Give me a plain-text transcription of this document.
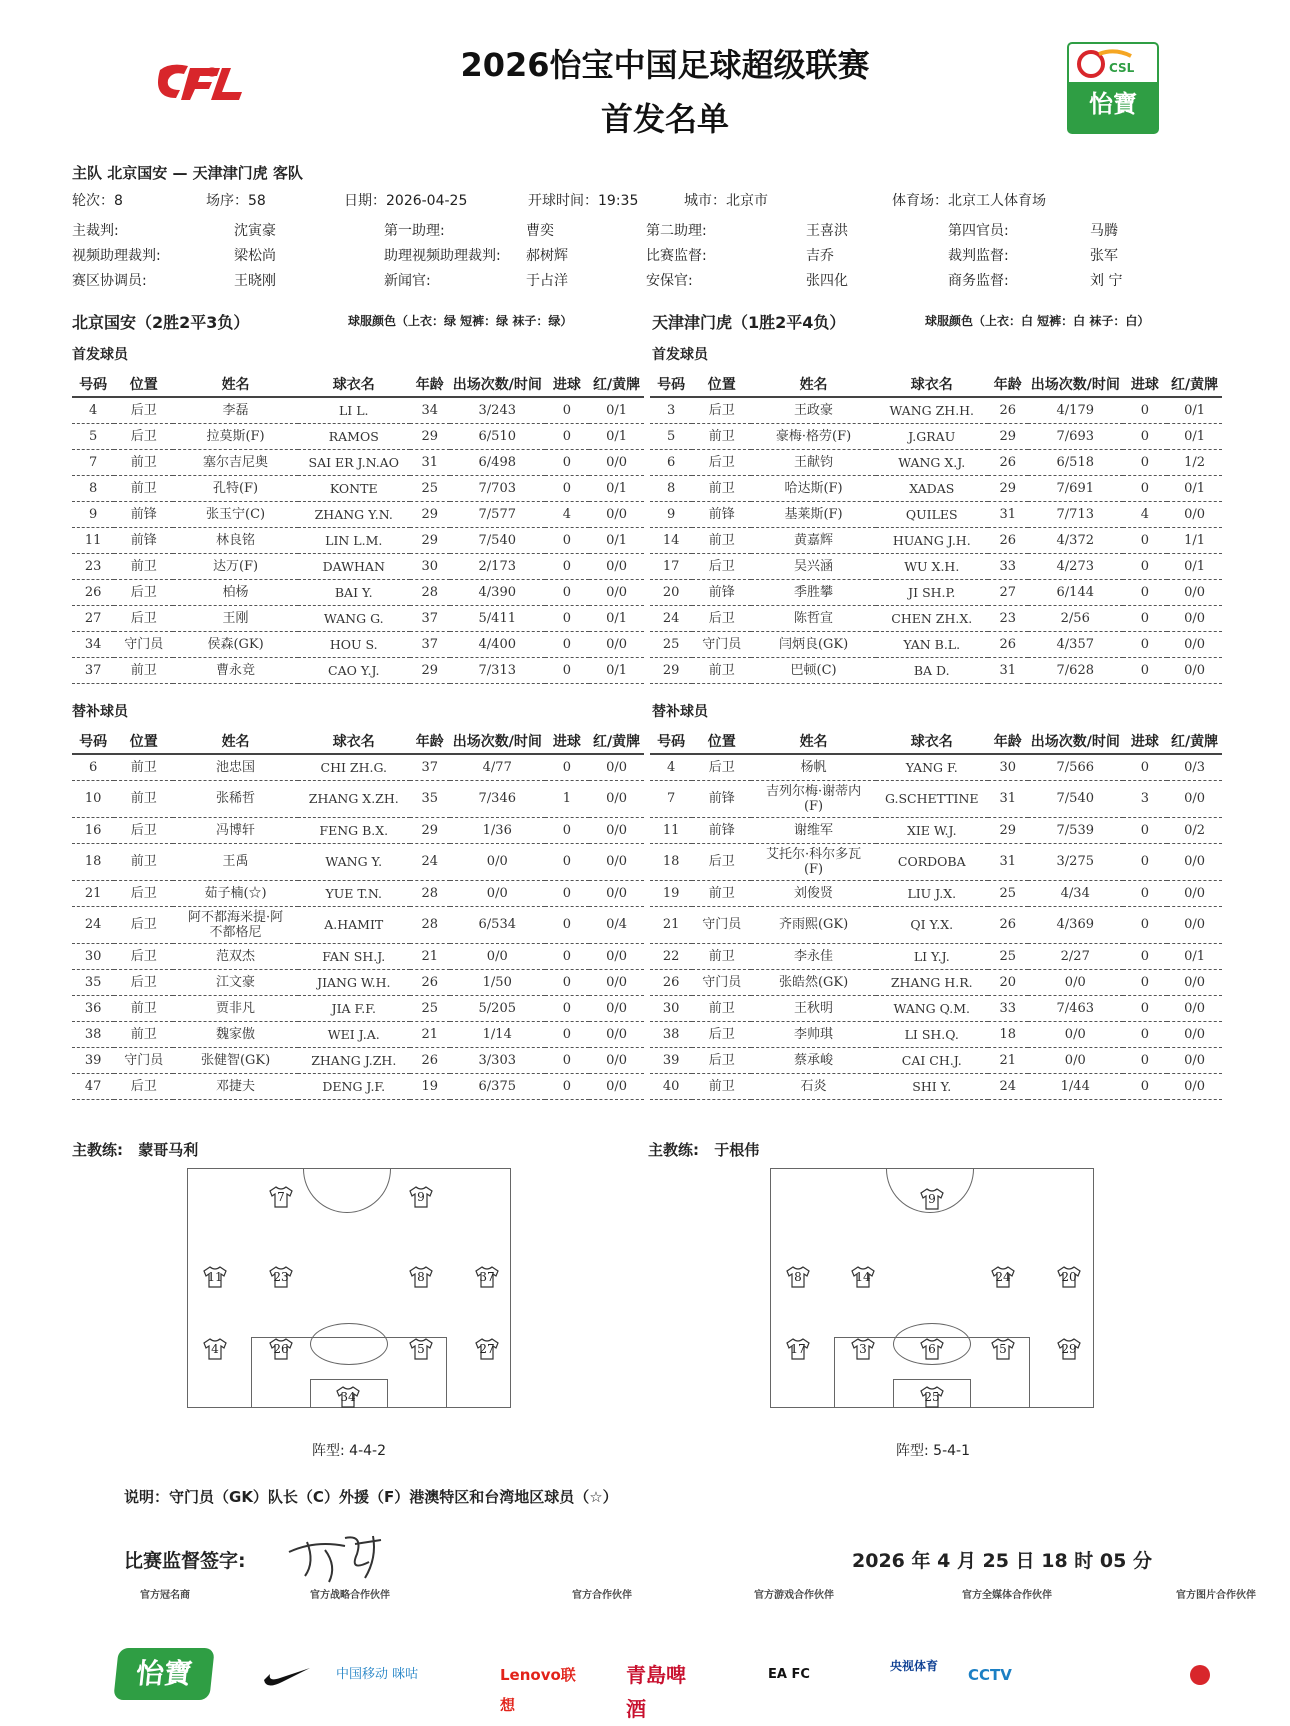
2026怡宝中国足球超级联赛
首发名单
CSL
怡寶
主队 北京国安 — 天津津门虎 客队
轮次：8	场序：58	日期：2026-04-25	开球时间：19:35	城市：北京市	体育场：北京工人体育场
主裁判:	沈寅豪	第一助理:	曹奕	第二助理:	王喜洪	第四官员:	马腾
视频助理裁判:	梁松尚	助理视频助理裁判: 郝树辉	比赛监督:	吉乔	裁判监督:	张军
赛区协调员:	王晓刚	新闻官:	于占洋	安保官:	张四化	商务监督:	刘 宁
北京国安（2胜2平3负）	球服颜色（上衣：绿 短裤：绿 袜子：绿）
首发球员
天津津门虎（1胜2平4负）	球服颜色（上衣：白 短裤：白 袜子：白）
首发球员
号码	位置	姓名	球衣名	年龄	出场次数/时间	进球	红/黄牌
4	后卫	李磊	LI L.	34	3/243	0	0/1
5	后卫	拉莫斯(F)	RAMOS	29	6/510	0	0/1
7	前卫	塞尔吉尼奥	SAI ER J.N.AO	31	6/498	0	0/0
8	前卫	孔特(F)	KONTE	25	7/703	0	0/1
9	前锋	张玉宁(C)	ZHANG Y.N.	29	7/577	4	0/0
11	前锋	林良铭	LIN L.M.	29	7/540	0	0/1
23	前卫	达万(F)	DAWHAN	30	2/173	0	0/0
26	后卫	柏杨	BAI Y.	28	4/390	0	0/0
27	后卫	王刚	WANG G.	37	5/411	0	0/1
34	守门员	侯森(GK)	HOU S.	37	4/400	0	0/0
37	前卫	曹永竞	CAO Y.J.	29	7/313	0	0/1
号码	位置	姓名	球衣名	年龄	出场次数/时间	进球	红/黄牌
3	后卫	王政豪	WANG ZH.H.	26	4/179	0	0/1
5	前卫	豪梅·格劳(F)	J.GRAU	29	7/693	0	0/1
6	后卫	王献钧	WANG X.J.	26	6/518	0	1/2
8	前卫	哈达斯(F)	XADAS	29	7/691	0	0/1
9	前锋	基莱斯(F)	QUILES	31	7/713	4	0/0
14	前卫	黄嘉辉	HUANG J.H.	26	4/372	0	1/1
17	后卫	吴兴涵	WU X.H.	33	4/273	0	0/1
20	前锋	季胜攀	JI SH.P.	27	6/144	0	0/0
24	后卫	陈哲宣	CHEN ZH.X.	23	2/56	0	0/0
25	守门员	闫炳良(GK)	YAN B.L.	26	4/357	0	0/0
29	前卫	巴顿(C)	BA D.	31	7/628	0	0/0
替补球员	替补球员
号码	位置	姓名	球衣名	年龄	出场次数/时间	进球	红/黄牌
6	前卫	池忠国	CHI ZH.G.	37	4/77	0	0/0
10	前卫	张稀哲	ZHANG X.ZH.	35	7/346	1	0/0
16	后卫	冯博轩	FENG B.X.	29	1/36	0	0/0
18	前卫	王禹	WANG Y.	24	0/0	0	0/0
21	后卫	茹子楠(☆)	YUE T.N.	28	0/0	0	0/0
24	后卫	阿不都海米提·阿不都格尼	A.HAMIT	28	6/534	0	0/4
30	后卫	范双杰	FAN SH.J.	21	0/0	0	0/0
35	后卫	江文豪	JIANG W.H.	26	1/50	0	0/0
36	前卫	贾非凡	JIA F.F.	25	5/205	0	0/0
38	前卫	魏家傲	WEI J.A.	21	1/14	0	0/0
39	守门员	张健智(GK)	ZHANG J.ZH.	26	3/303	0	0/0
47	后卫	邓捷夫	DENG J.F.	19	6/375	0	0/0
号码	位置	姓名	球衣名	年龄	出场次数/时间	进球	红/黄牌
4	后卫	杨帆	YANG F.	30	7/566	0	0/3
7	前锋	吉列尔梅·谢蒂内(F)	G.SCHETTINE	31	7/540	3	0/0
11	前锋	谢维军	XIE W.J.	29	7/539	0	0/2
18	后卫	艾托尔·科尔多瓦(F)	CORDOBA	31	3/275	0	0/0
19	前卫	刘俊贤	LIU J.X.	25	4/34	0	0/0
21	守门员	齐雨熙(GK)	QI Y.X.	26	4/369	0	0/0
22	前卫	李永佳	LI Y.J.	25	2/27	0	0/1
26	守门员	张皓然(GK)	ZHANG H.R.	20	0/0	0	0/0
30	前卫	王秋明	WANG Q.M.	33	7/463	0	0/0
38	后卫	李帅琪	LI SH.Q.	18	0/0	0	0/0
39	后卫	蔡承峻	CAI CH.J.	21	0/0	0	0/0
40	前卫	石炎	SHI Y.	24	1/44	0	0/0
主教练: 蒙哥马利	主教练: 于根伟
7	9
11	23	8	37
4	26	5	27
34
9
8	14	24	20
17	3	6	5	29
25
阵型: 4-4-2	阵型: 5-4-1
说明：守门员（GK）队长（C）外援（F）港澳特区和台湾地区球员（☆）
比赛监督签字:	2026 年 4 月 25 日 18 时 05 分
官方冠名商	官方战略合作伙伴	官方合作伙伴	官方游戏合作伙伴	官方全媒体合作伙伴	官方图片合作伙伴
怡寶	中国移动 咪咕	Lenovo联想
青島啤酒
EA FC
央视体育	CCTV
